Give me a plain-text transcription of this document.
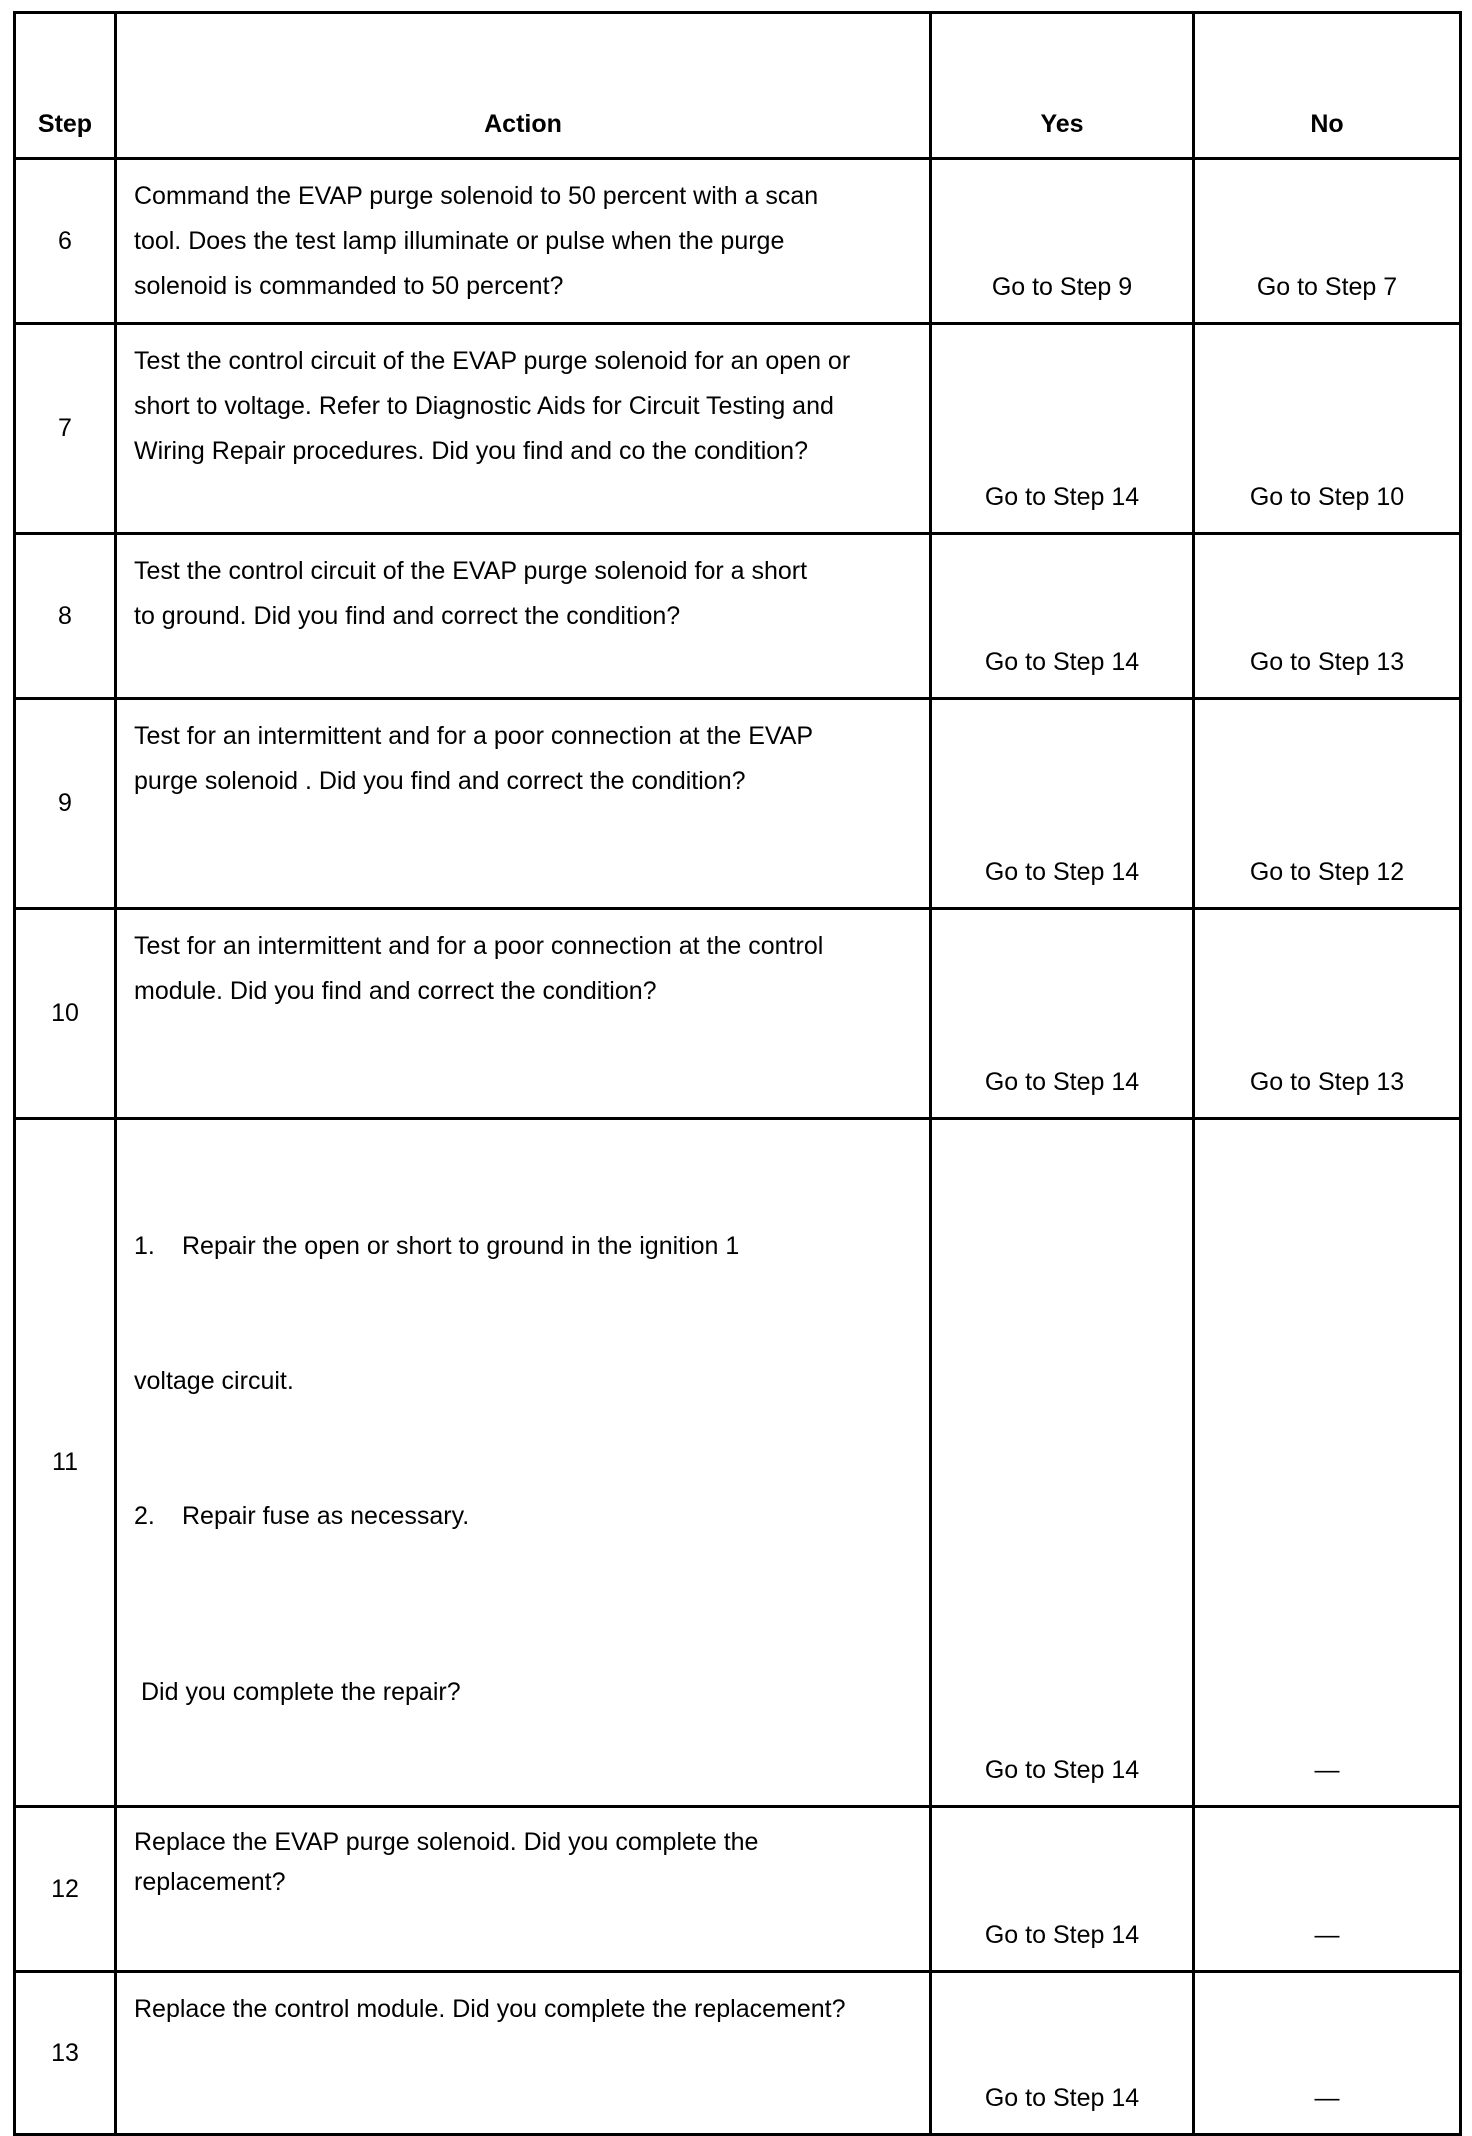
Step	Action	Yes	No
6	Command the EVAP purge solenoid to 50 percent with a scan tool. Does the test lamp illuminate or pulse when the purge solenoid is commanded to 50 percent?	Go to Step 9	Go to Step 7

7	Test the control circuit of the EVAP purge solenoid for an open or short to voltage. Refer to Diagnostic Aids for Circuit Testing and Wiring Repair procedures. Did you find and co the condition?	Go to Step 14	Go to Step 10

8	Test the control circuit of the EVAP purge solenoid for a short to ground. Did you find and correct the condition?	Go to Step 14	Go to Step 13

9	Test for an intermittent and for a poor connection at the EVAP purge solenoid . Did you find and correct the condition?	Go to Step 14	Go to Step 12

10	Test for an intermittent and for a poor connection at the control module. Did you find and correct the condition?	Go to Step 14	Go to Step 13

11	1. Repair the open or short to ground in the ignition 1

voltage circuit.

2. Repair fuse as necessary.

Did you complete the repair?	Go to Step 14	—

12	Replace the EVAP purge solenoid. Did you complete the replacement?	Go to Step 14	—

13	Replace the control module. Did you complete the replacement?	Go to Step 14	—
